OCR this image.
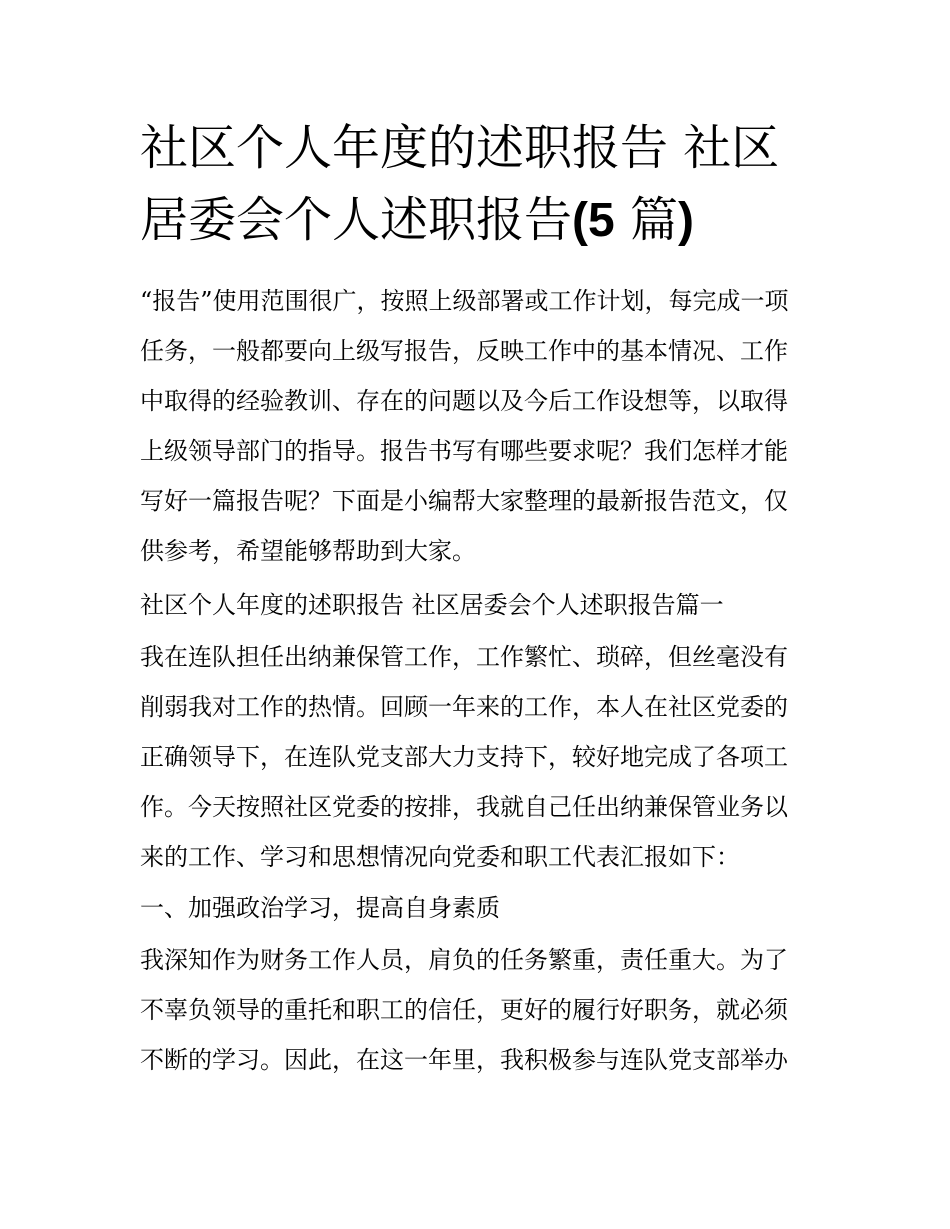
社区个人年度的述职报告 社区
居委会个人述职报告(5 篇)
“报告”使用范围很广，按照上级部署或工作计划，每完成一项
任务，一般都要向上级写报告，反映工作中的基本情况、工作
中取得的经验教训、存在的问题以及今后工作设想等，以取得
上级领导部门的指导。报告书写有哪些要求呢？我们怎样才能
写好一篇报告呢？下面是小编帮大家整理的最新报告范文，仅
供参考，希望能够帮助到大家。
社区个人年度的述职报告 社区居委会个人述职报告篇一
我在连队担任出纳兼保管工作，工作繁忙、琐碎，但丝毫没有
削弱我对工作的热情。回顾一年来的工作，本人在社区党委的
正确领导下，在连队党支部大力支持下，较好地完成了各项工
作。今天按照社区党委的按排，我就自己任出纳兼保管业务以
来的工作、学习和思想情况向党委和职工代表汇报如下：
一、加强政治学习，提高自身素质
我深知作为财务工作人员，肩负的任务繁重，责任重大。为了
不辜负领导的重托和职工的信任，更好的履行好职务，就必须
不断的学习。因此，在这一年里，我积极参与连队党支部举办
